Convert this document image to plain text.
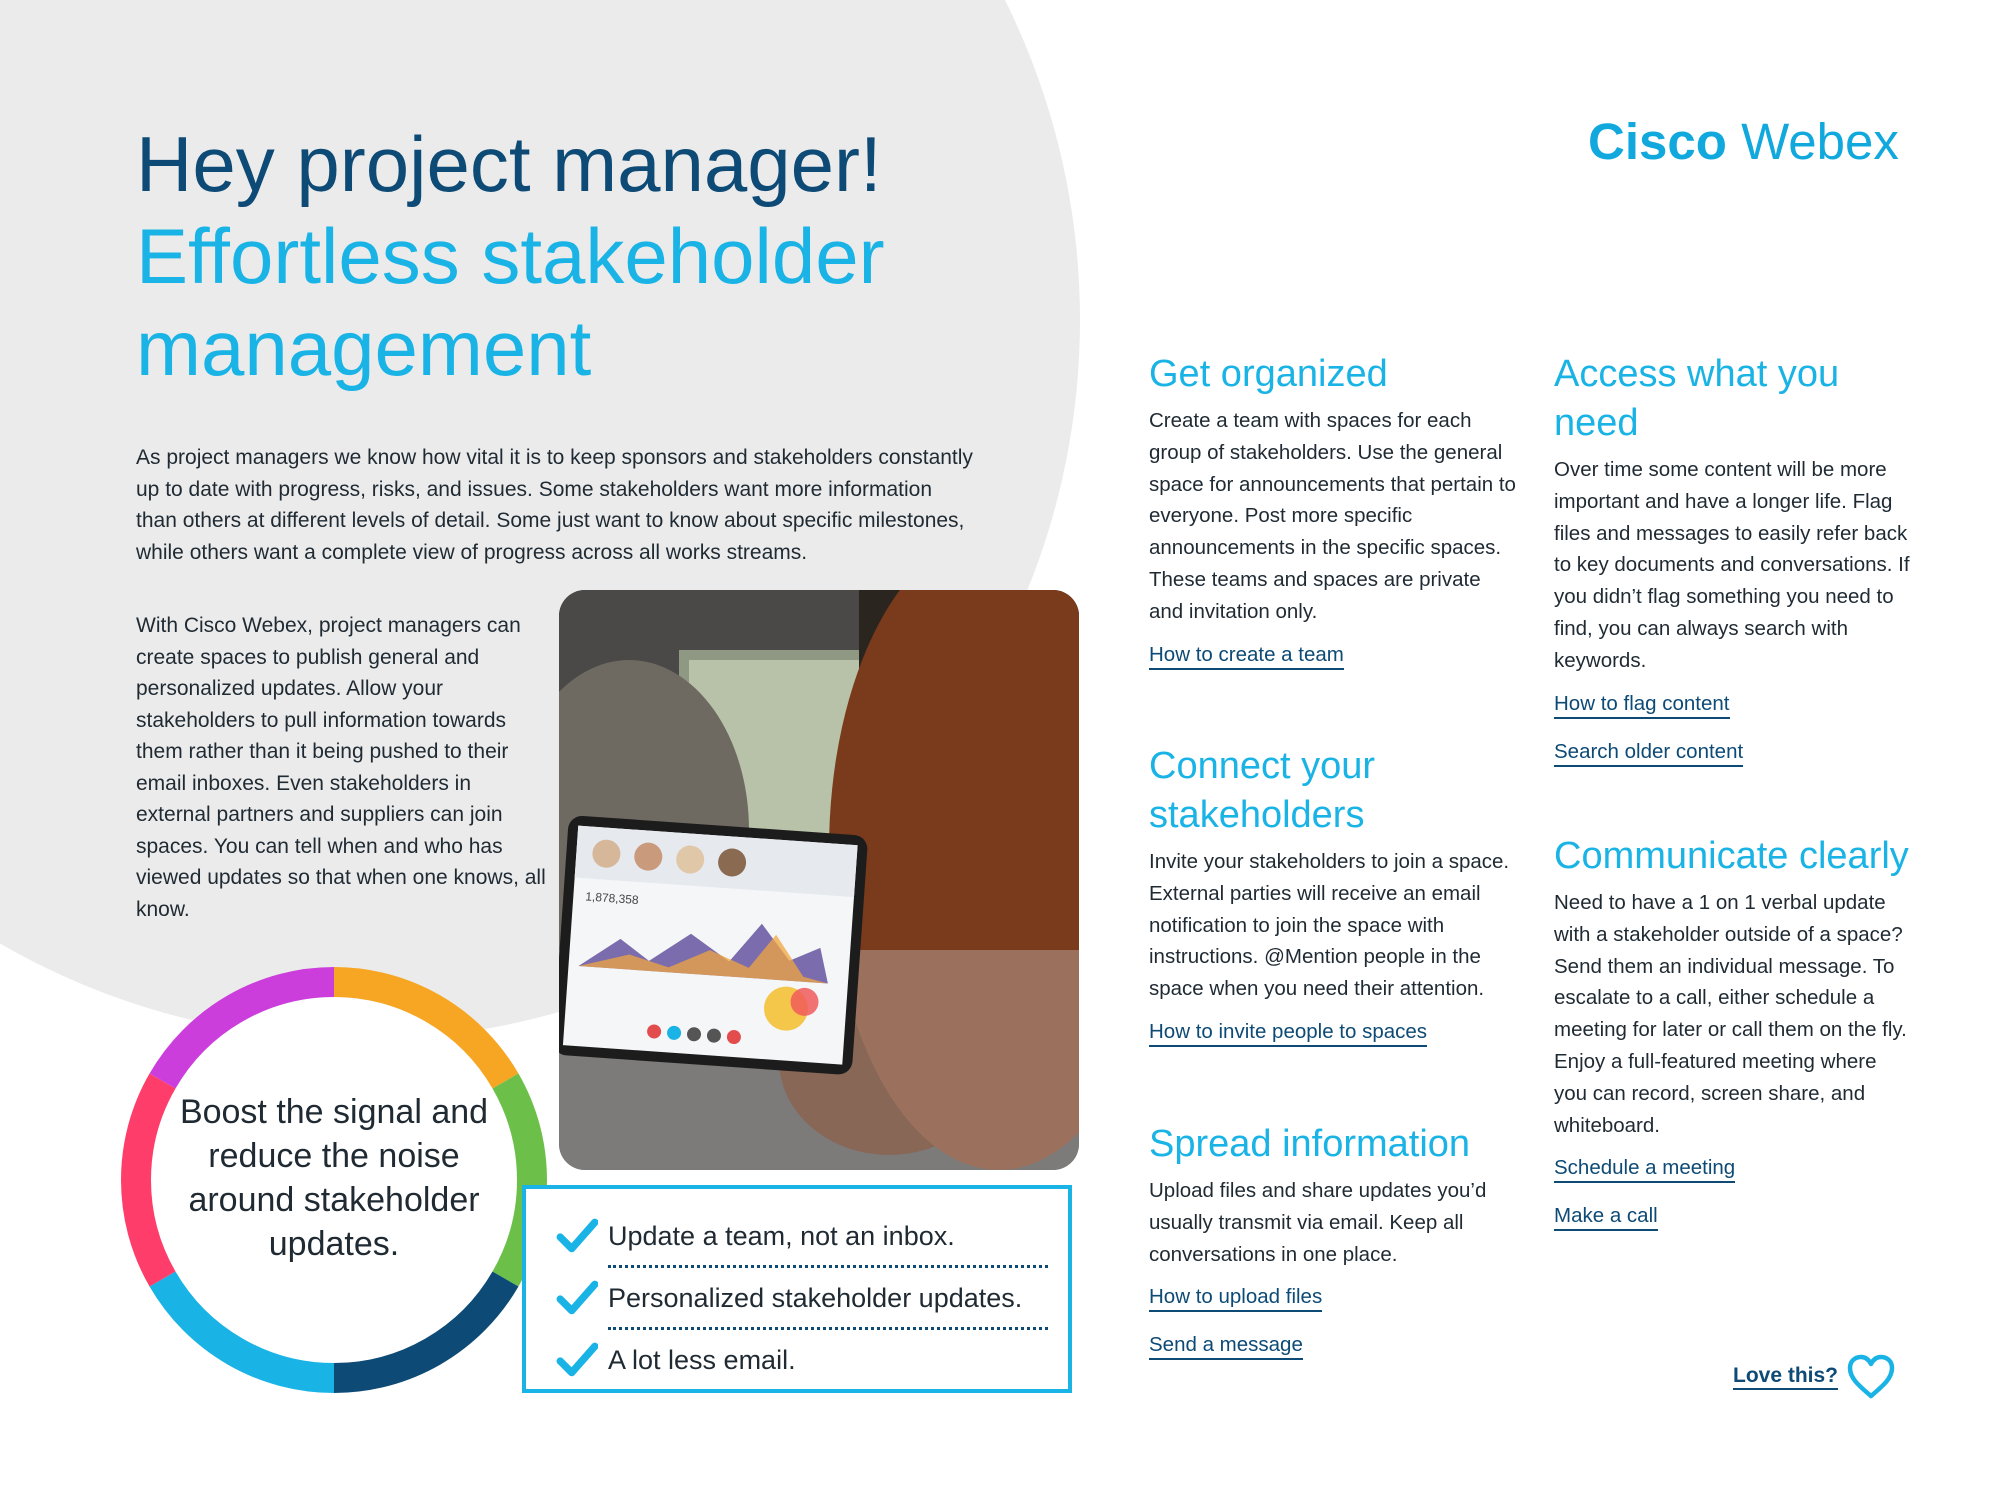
Cisco Webex
Hey project manager!
Effortless stakeholder
management

As project managers we know how vital it is to keep sponsors and stakeholders constantly up to date with progress, risks, and issues. Some stakeholders want more information than others at different levels of detail. Some just want to know about specific milestones, while others want a complete view of progress across all works streams.

With Cisco Webex, project managers can create spaces to publish general and personalized updates. Allow your stakeholders to pull information towards them rather than it being pushed to their email inboxes. Even stakeholders in external partners and suppliers can join spaces. You can tell when and who has viewed updates so that when one knows, all know.	1,878,358
Boost the signal and reduce the noise around stakeholder updates.	Update a team, not an inbox.
Personalized stakeholder updates.
A lot less email.
Get organized

Create a team with spaces for each group of stakeholders. Use the general space for announcements that pertain to everyone. Post more specific announcements in the specific spaces. These teams and spaces are private and invitation only.

How to create a team
Connect your stakeholders

Invite your stakeholders to join a space. External parties will receive an email notification to join the space with instructions. @Mention people in the space when you need their attention.

How to invite people to spaces
Spread information

Upload files and share updates you’d usually transmit via email. Keep all conversations in one place.

How to upload files
Send a message
Access what you need

Over time some content will be more important and have a longer life. Flag files and messages to easily refer back to key documents and conversations. If you didn’t flag something you need to find, you can always search with keywords.

How to flag content
Search older content
Communicate clearly

Need to have a 1 on 1 verbal update with a stakeholder outside of a space? Send them an individual message. To escalate to a call, either schedule a meeting for later or call them on the fly. Enjoy a full-featured meeting where you can record, screen share, and whiteboard.

Schedule a meeting
Make a call
Love this?
